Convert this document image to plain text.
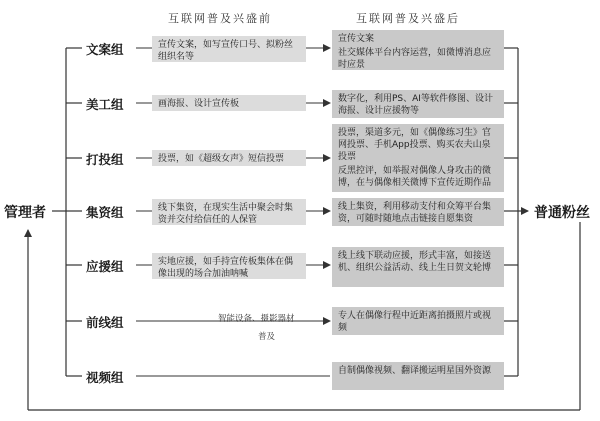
互联网普及兴盛前	互联网普及兴盛后
管理者	普通粉丝
文案组
美工组
打投组
集资组
应援组
前线组
视频组

宣传文案，如写宣传口号、拟粉丝组织名等

画海报、设计宣传板

投票，如《超级女声》短信投票

线下集资，在现实生活中聚会时集资并交付给信任的人保管

实地应援，如手持宣传板集体在偶像出现的场合加油呐喊

智能设备、摄影器材
普及

宣传文案

社交媒体平台内容运营，如微博消息应时应景

数字化，利用PS、AI等软件修图、设计海报、设计应援物等

投票，渠道多元，如《偶像练习生》官网投票、手机App投票、购买农夫山泉投票

反黑控评，如举报对偶像人身攻击的微博，在与偶像相关微博下宣传近期作品

线上集资，利用移动支付和众筹平台集资，可随时随地点击链接自愿集资

线上线下联动应援，形式丰富，如接送机、组织公益活动、线上生日贺文轮博

专人在偶像行程中近距离拍摄照片或视频

自制偶像视频、翻译搬运明星国外资源
